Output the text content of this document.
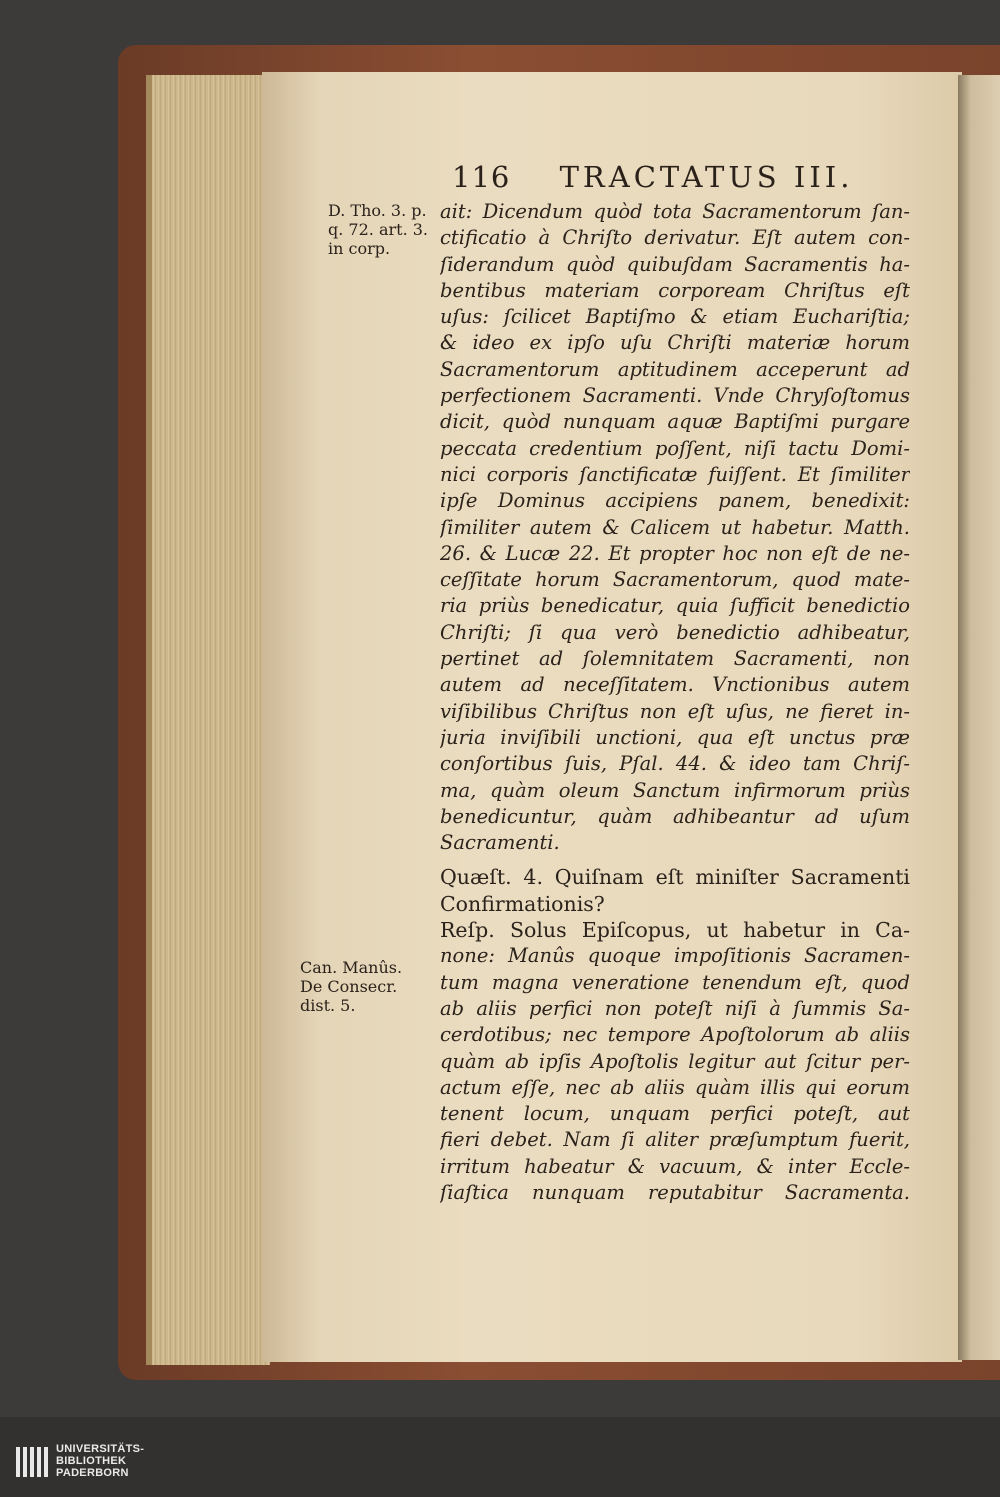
116 TRACTATUS III.
D. Tho. 3. p.
q. 72. art. 3.
in corp.
Can. Manûs.
De Consecr.
dist. 5.
ait: Dicendum quòd tota Sacramentorum ſan-
ctificatio à Chriſto derivatur. Eſt autem con-
ſiderandum quòd quibuſdam Sacramentis ha-
bentibus materiam corpoream Chriſtus eſt
uſus: ſcilicet Baptiſmo & etiam Euchariſtia;
& ideo ex ipſo uſu Chriſti materiæ horum
Sacramentorum aptitudinem acceperunt ad
perfectionem Sacramenti. Vnde Chryſoſtomus
dicit, quòd nunquam aquæ Baptiſmi purgare
peccata credentium poſſent, niſi tactu Domi-
nici corporis ſanctificatæ fuiſſent. Et ſimiliter
ipſe Dominus accipiens panem, benedixit:
ſimiliter autem & Calicem ut habetur. Matth.
26. & Lucæ 22. Et propter hoc non eſt de ne-
ceſſitate horum Sacramentorum, quod mate-
ria priùs benedicatur, quia ſufficit benedictio
Chriſti; ſi qua verò benedictio adhibeatur,
pertinet ad ſolemnitatem Sacramenti, non
autem ad neceſſitatem. Vnctionibus autem
viſibilibus Chriſtus non eſt uſus, ne fieret in-
juria inviſibili unctioni, qua eſt unctus præ
conſortibus ſuis, Pſal. 44. & ideo tam Chriſ-
ma, quàm oleum Sanctum infirmorum priùs
benedicuntur, quàm adhibeantur ad uſum
Sacramenti.
Quæſt. 4. Quiſnam eſt miniſter Sacramenti
Confirmationis?
Reſp. Solus Epiſcopus, ut habetur in Ca-
none: Manûs quoque impoſitionis Sacramen-
tum magna veneratione tenendum eſt, quod
ab aliis perfici non poteſt niſi à ſummis Sa-
cerdotibus; nec tempore Apoſtolorum ab aliis
quàm ab ipſis Apoſtolis legitur aut ſcitur per-
actum eſſe, nec ab aliis quàm illis qui eorum
tenent locum, unquam perfici poteſt, aut
fieri debet. Nam ſi aliter præſumptum fuerit,
irritum habeatur & vacuum, & inter Eccle-
ſiaſtica nunquam reputabitur Sacramenta.
UNIVERSITÄTS-
BIBLIOTHEK
PADERBORN
